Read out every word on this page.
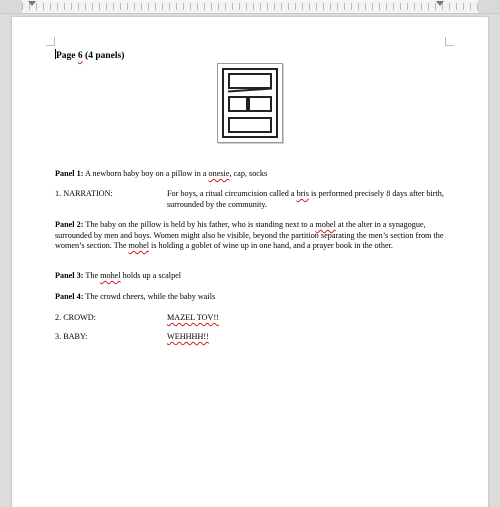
Page 6 (4 panels)
Panel 1: A newborn baby boy on a pillow in a onesie, cap, socks
1. NARRATION:	For boys, a ritual circumcision called a bris is performed precisely 8 days after birth, surrounded by the community.
Panel 2: The baby on the pillow is held by his father, who is standing next to a mohel at the alter in a synagogue, surrounded by men and boys. Women might also be visible, beyond the partition separating the men’s section from the women’s section. The mohel is holding a goblet of wine up in one hand, and a prayer book in the other.
Panel 3: The mohel holds up a scalpel
Panel 4: The crowd cheers, while the baby wails
2. CROWD:	MAZEL TOV!!
3. BABY:	WEHHHH!!
